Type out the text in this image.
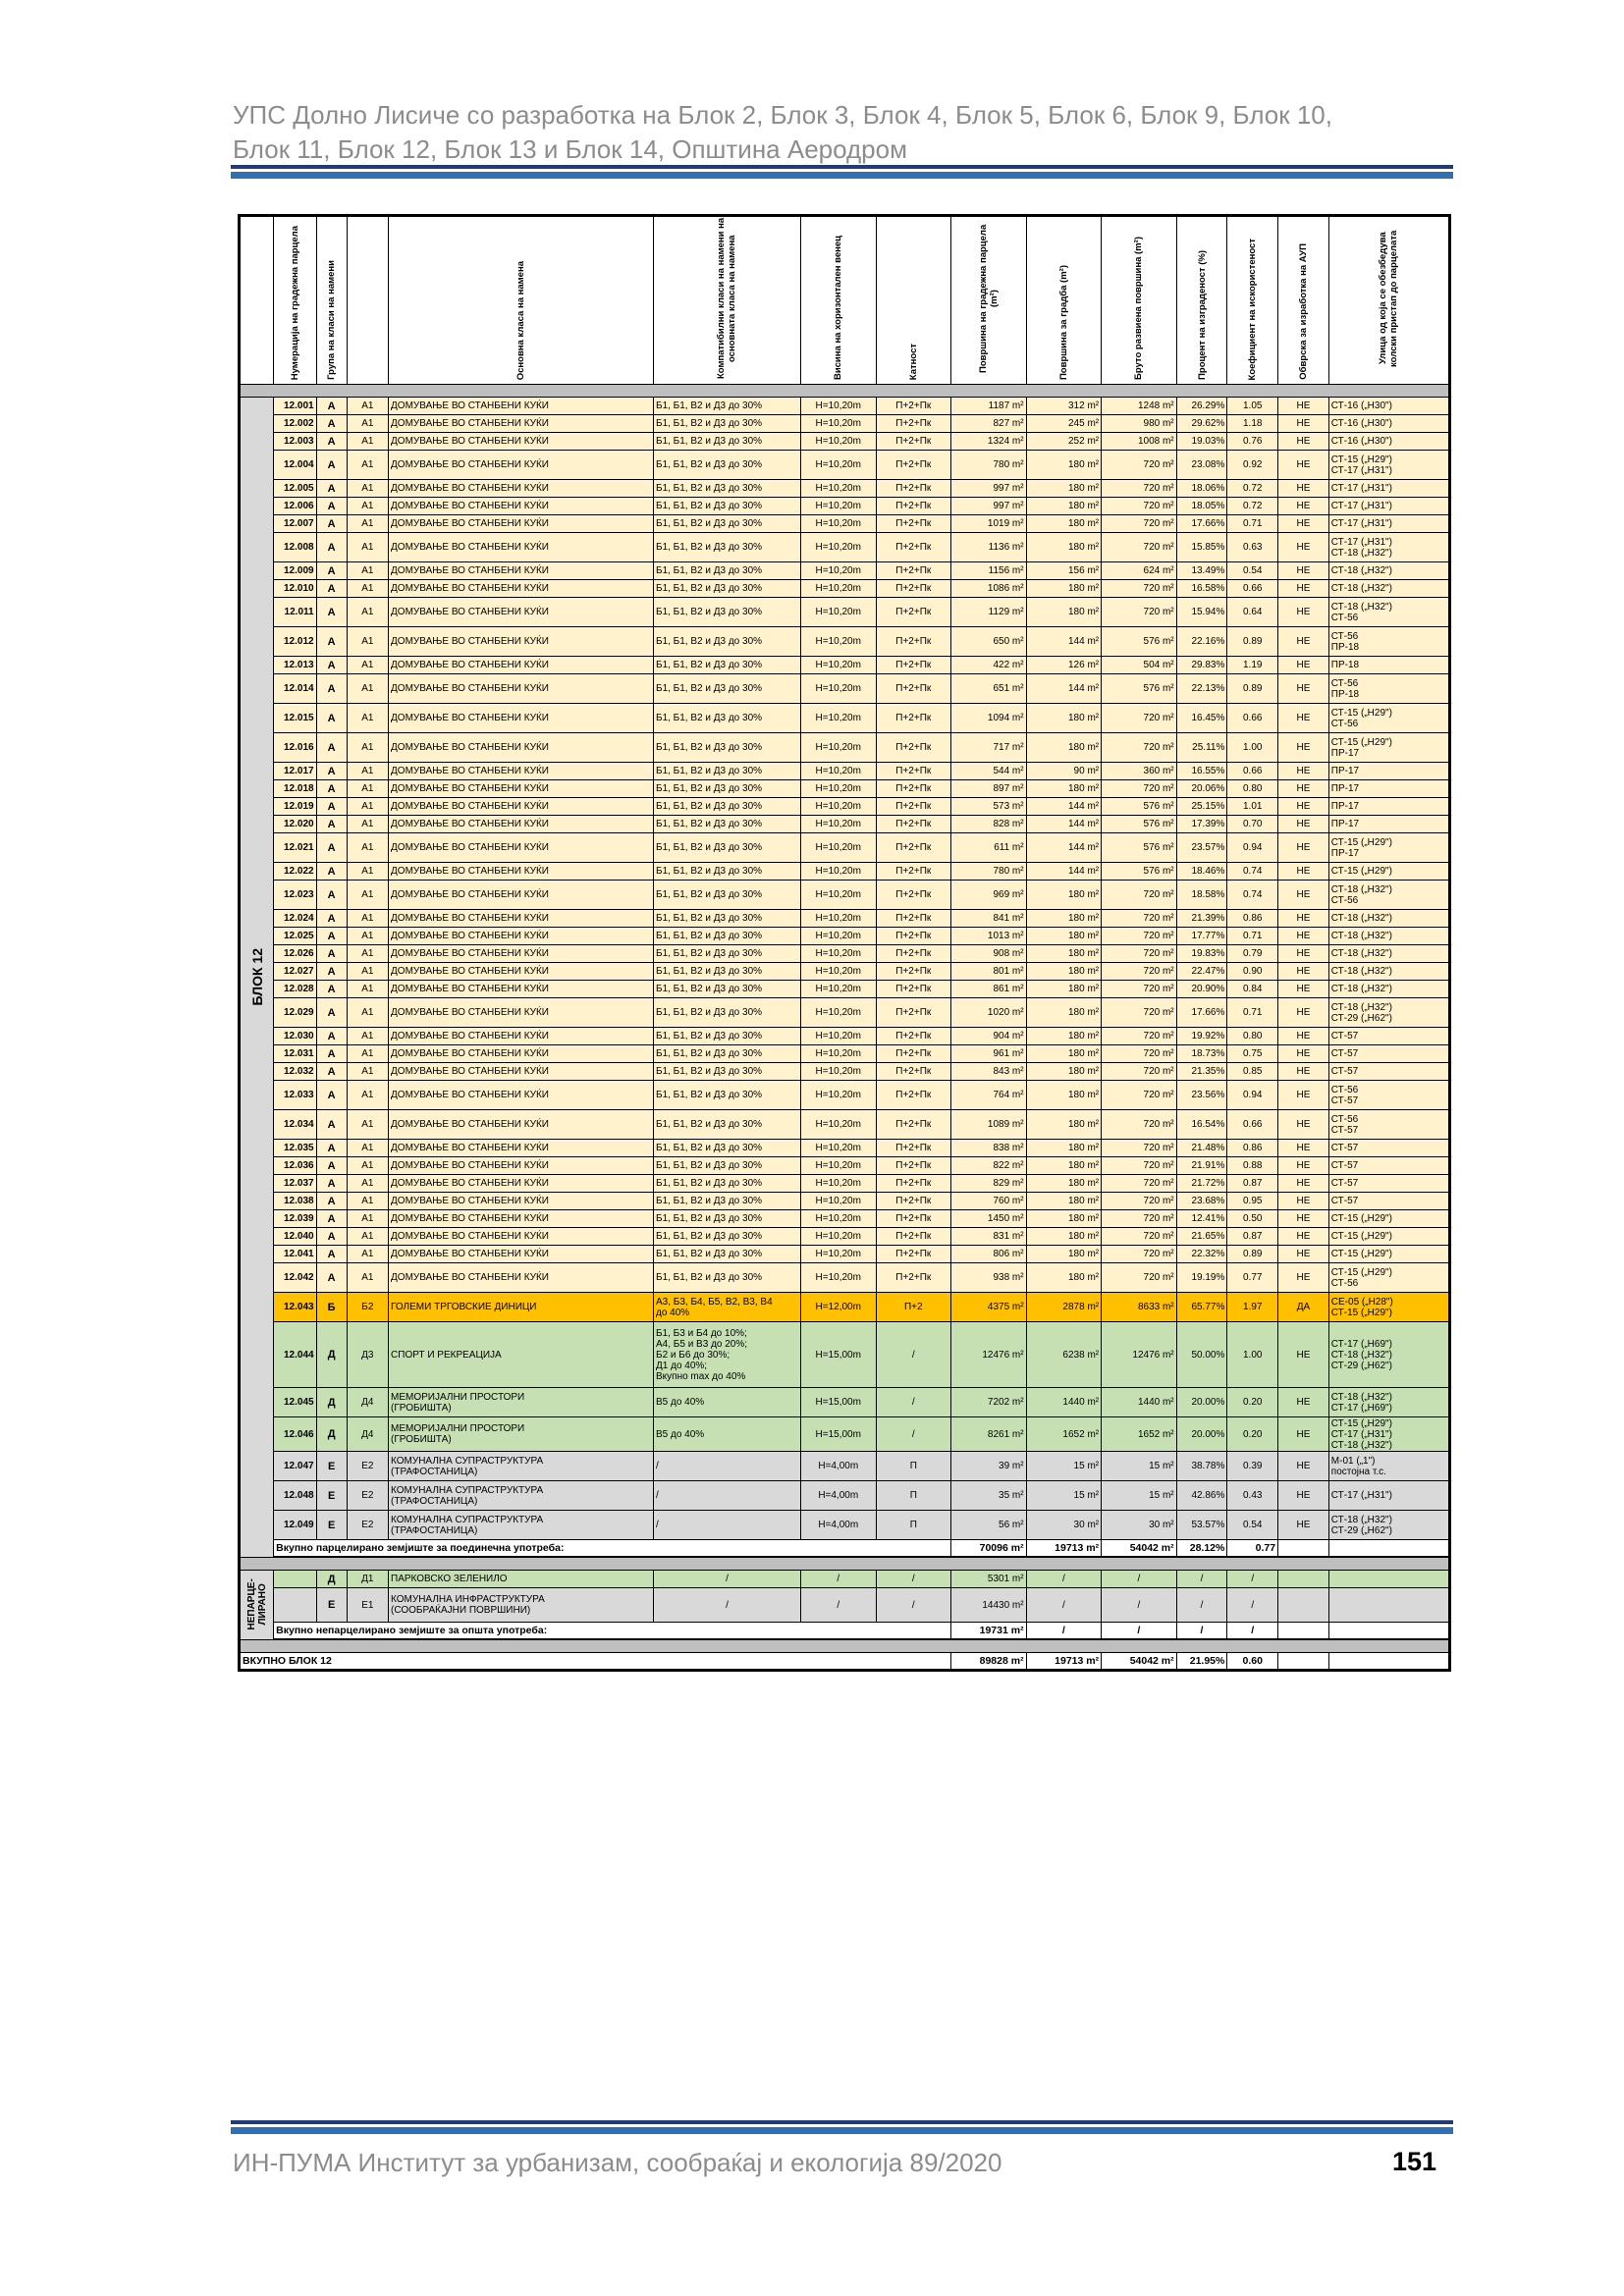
УПС Долно Лисиче со разработка на Блок 2, Блок 3, Блок 4, Блок 5, Блок 6, Блок 9, Блок 10,
Блок 11, Блок 12, Блок 13 и Блок 14, Општина Аеродром

	Нумерација на градежна парцела	Група на класи на намени		Основна класа на намена	Компатибилни класи на намени на основната класа на намена	Висина на хоризонтален венец	Катност	Површина на градежна парцела (m²)	Површина за градба (m²)	Бруто развиена површина (m²)	Процент на изграденост (%)	Коефициент на искористеност	Обврска за изработка на АУП	Улица од која се обезбедува колски пристап до парцелата

БЛОК 12	12.001	А	А1	ДОМУВАЊЕ ВО СТАНБЕНИ КУЌИ	Б1, Б1, В2 и Д3 до 30%	Н=10,20m	П+2+Пк	1187 m²	312 m²	1248 m²	26.29%	1.05	НЕ	СТ-16 („Н30")
	12.002	А	А1	ДОМУВАЊЕ ВО СТАНБЕНИ КУЌИ	Б1, Б1, В2 и Д3 до 30%	Н=10,20m	П+2+Пк	827 m²	245 m²	980 m²	29.62%	1.18	НЕ	СТ-16 („Н30")
	12.003	А	А1	ДОМУВАЊЕ ВО СТАНБЕНИ КУЌИ	Б1, Б1, В2 и Д3 до 30%	Н=10,20m	П+2+Пк	1324 m²	252 m²	1008 m²	19.03%	0.76	НЕ	СТ-16 („Н30")
	12.004	А	А1	ДОМУВАЊЕ ВО СТАНБЕНИ КУЌИ	Б1, Б1, В2 и Д3 до 30%	Н=10,20m	П+2+Пк	780 m²	180 m²	720 m²	23.08%	0.92	НЕ	СТ-15 („Н29")
СТ-17 („Н31")
	12.005	А	А1	ДОМУВАЊЕ ВО СТАНБЕНИ КУЌИ	Б1, Б1, В2 и Д3 до 30%	Н=10,20m	П+2+Пк	997 m²	180 m²	720 m²	18.06%	0.72	НЕ	СТ-17 („Н31")
	12.006	А	А1	ДОМУВАЊЕ ВО СТАНБЕНИ КУЌИ	Б1, Б1, В2 и Д3 до 30%	Н=10,20m	П+2+Пк	997 m²	180 m²	720 m²	18.05%	0.72	НЕ	СТ-17 („Н31")
	12.007	А	А1	ДОМУВАЊЕ ВО СТАНБЕНИ КУЌИ	Б1, Б1, В2 и Д3 до 30%	Н=10,20m	П+2+Пк	1019 m²	180 m²	720 m²	17.66%	0.71	НЕ	СТ-17 („Н31")
	12.008	А	А1	ДОМУВАЊЕ ВО СТАНБЕНИ КУЌИ	Б1, Б1, В2 и Д3 до 30%	Н=10,20m	П+2+Пк	1136 m²	180 m²	720 m²	15.85%	0.63	НЕ	СТ-17 („Н31")
СТ-18 („Н32")
	12.009	А	А1	ДОМУВАЊЕ ВО СТАНБЕНИ КУЌИ	Б1, Б1, В2 и Д3 до 30%	Н=10,20m	П+2+Пк	1156 m²	156 m²	624 m²	13.49%	0.54	НЕ	СТ-18 („Н32")
	12.010	А	А1	ДОМУВАЊЕ ВО СТАНБЕНИ КУЌИ	Б1, Б1, В2 и Д3 до 30%	Н=10,20m	П+2+Пк	1086 m²	180 m²	720 m²	16.58%	0.66	НЕ	СТ-18 („Н32")
	12.011	А	А1	ДОМУВАЊЕ ВО СТАНБЕНИ КУЌИ	Б1, Б1, В2 и Д3 до 30%	Н=10,20m	П+2+Пк	1129 m²	180 m²	720 m²	15.94%	0.64	НЕ	СТ-18 („Н32")
СТ-56
	12.012	А	А1	ДОМУВАЊЕ ВО СТАНБЕНИ КУЌИ	Б1, Б1, В2 и Д3 до 30%	Н=10,20m	П+2+Пк	650 m²	144 m²	576 m²	22.16%	0.89	НЕ	СТ-56
ПР-18
	12.013	А	А1	ДОМУВАЊЕ ВО СТАНБЕНИ КУЌИ	Б1, Б1, В2 и Д3 до 30%	Н=10,20m	П+2+Пк	422 m²	126 m²	504 m²	29.83%	1.19	НЕ	ПР-18
	12.014	А	А1	ДОМУВАЊЕ ВО СТАНБЕНИ КУЌИ	Б1, Б1, В2 и Д3 до 30%	Н=10,20m	П+2+Пк	651 m²	144 m²	576 m²	22.13%	0.89	НЕ	СТ-56
ПР-18
	12.015	А	А1	ДОМУВАЊЕ ВО СТАНБЕНИ КУЌИ	Б1, Б1, В2 и Д3 до 30%	Н=10,20m	П+2+Пк	1094 m²	180 m²	720 m²	16.45%	0.66	НЕ	СТ-15 („Н29")
СТ-56
	12.016	А	А1	ДОМУВАЊЕ ВО СТАНБЕНИ КУЌИ	Б1, Б1, В2 и Д3 до 30%	Н=10,20m	П+2+Пк	717 m²	180 m²	720 m²	25.11%	1.00	НЕ	СТ-15 („Н29")
ПР-17
	12.017	А	А1	ДОМУВАЊЕ ВО СТАНБЕНИ КУЌИ	Б1, Б1, В2 и Д3 до 30%	Н=10,20m	П+2+Пк	544 m²	90 m²	360 m²	16.55%	0.66	НЕ	ПР-17
	12.018	А	А1	ДОМУВАЊЕ ВО СТАНБЕНИ КУЌИ	Б1, Б1, В2 и Д3 до 30%	Н=10,20m	П+2+Пк	897 m²	180 m²	720 m²	20.06%	0.80	НЕ	ПР-17
	12.019	А	А1	ДОМУВАЊЕ ВО СТАНБЕНИ КУЌИ	Б1, Б1, В2 и Д3 до 30%	Н=10,20m	П+2+Пк	573 m²	144 m²	576 m²	25.15%	1.01	НЕ	ПР-17
	12.020	А	А1	ДОМУВАЊЕ ВО СТАНБЕНИ КУЌИ	Б1, Б1, В2 и Д3 до 30%	Н=10,20m	П+2+Пк	828 m²	144 m²	576 m²	17.39%	0.70	НЕ	ПР-17
	12.021	А	А1	ДОМУВАЊЕ ВО СТАНБЕНИ КУЌИ	Б1, Б1, В2 и Д3 до 30%	Н=10,20m	П+2+Пк	611 m²	144 m²	576 m²	23.57%	0.94	НЕ	СТ-15 („Н29")
ПР-17
	12.022	А	А1	ДОМУВАЊЕ ВО СТАНБЕНИ КУЌИ	Б1, Б1, В2 и Д3 до 30%	Н=10,20m	П+2+Пк	780 m²	144 m²	576 m²	18.46%	0.74	НЕ	СТ-15 („Н29")
	12.023	А	А1	ДОМУВАЊЕ ВО СТАНБЕНИ КУЌИ	Б1, Б1, В2 и Д3 до 30%	Н=10,20m	П+2+Пк	969 m²	180 m²	720 m²	18.58%	0.74	НЕ	СТ-18 („Н32")
СТ-56
	12.024	А	А1	ДОМУВАЊЕ ВО СТАНБЕНИ КУЌИ	Б1, Б1, В2 и Д3 до 30%	Н=10,20m	П+2+Пк	841 m²	180 m²	720 m²	21.39%	0.86	НЕ	СТ-18 („Н32")
	12.025	А	А1	ДОМУВАЊЕ ВО СТАНБЕНИ КУЌИ	Б1, Б1, В2 и Д3 до 30%	Н=10,20m	П+2+Пк	1013 m²	180 m²	720 m²	17.77%	0.71	НЕ	СТ-18 („Н32")
	12.026	А	А1	ДОМУВАЊЕ ВО СТАНБЕНИ КУЌИ	Б1, Б1, В2 и Д3 до 30%	Н=10,20m	П+2+Пк	908 m²	180 m²	720 m²	19.83%	0.79	НЕ	СТ-18 („Н32")
	12.027	А	А1	ДОМУВАЊЕ ВО СТАНБЕНИ КУЌИ	Б1, Б1, В2 и Д3 до 30%	Н=10,20m	П+2+Пк	801 m²	180 m²	720 m²	22.47%	0.90	НЕ	СТ-18 („Н32")
	12.028	А	А1	ДОМУВАЊЕ ВО СТАНБЕНИ КУЌИ	Б1, Б1, В2 и Д3 до 30%	Н=10,20m	П+2+Пк	861 m²	180 m²	720 m²	20.90%	0.84	НЕ	СТ-18 („Н32")
	12.029	А	А1	ДОМУВАЊЕ ВО СТАНБЕНИ КУЌИ	Б1, Б1, В2 и Д3 до 30%	Н=10,20m	П+2+Пк	1020 m²	180 m²	720 m²	17.66%	0.71	НЕ	СТ-18 („Н32")
СТ-29 („Н62")
	12.030	А	А1	ДОМУВАЊЕ ВО СТАНБЕНИ КУЌИ	Б1, Б1, В2 и Д3 до 30%	Н=10,20m	П+2+Пк	904 m²	180 m²	720 m²	19.92%	0.80	НЕ	СТ-57
	12.031	А	А1	ДОМУВАЊЕ ВО СТАНБЕНИ КУЌИ	Б1, Б1, В2 и Д3 до 30%	Н=10,20m	П+2+Пк	961 m²	180 m²	720 m²	18.73%	0.75	НЕ	СТ-57
	12.032	А	А1	ДОМУВАЊЕ ВО СТАНБЕНИ КУЌИ	Б1, Б1, В2 и Д3 до 30%	Н=10,20m	П+2+Пк	843 m²	180 m²	720 m²	21.35%	0.85	НЕ	СТ-57
	12.033	А	А1	ДОМУВАЊЕ ВО СТАНБЕНИ КУЌИ	Б1, Б1, В2 и Д3 до 30%	Н=10,20m	П+2+Пк	764 m²	180 m²	720 m²	23.56%	0.94	НЕ	СТ-56
СТ-57
	12.034	А	А1	ДОМУВАЊЕ ВО СТАНБЕНИ КУЌИ	Б1, Б1, В2 и Д3 до 30%	Н=10,20m	П+2+Пк	1089 m²	180 m²	720 m²	16.54%	0.66	НЕ	СТ-56
СТ-57
	12.035	А	А1	ДОМУВАЊЕ ВО СТАНБЕНИ КУЌИ	Б1, Б1, В2 и Д3 до 30%	Н=10,20m	П+2+Пк	838 m²	180 m²	720 m²	21.48%	0.86	НЕ	СТ-57
	12.036	А	А1	ДОМУВАЊЕ ВО СТАНБЕНИ КУЌИ	Б1, Б1, В2 и Д3 до 30%	Н=10,20m	П+2+Пк	822 m²	180 m²	720 m²	21.91%	0.88	НЕ	СТ-57
	12.037	А	А1	ДОМУВАЊЕ ВО СТАНБЕНИ КУЌИ	Б1, Б1, В2 и Д3 до 30%	Н=10,20m	П+2+Пк	829 m²	180 m²	720 m²	21.72%	0.87	НЕ	СТ-57
	12.038	А	А1	ДОМУВАЊЕ ВО СТАНБЕНИ КУЌИ	Б1, Б1, В2 и Д3 до 30%	Н=10,20m	П+2+Пк	760 m²	180 m²	720 m²	23.68%	0.95	НЕ	СТ-57
	12.039	А	А1	ДОМУВАЊЕ ВО СТАНБЕНИ КУЌИ	Б1, Б1, В2 и Д3 до 30%	Н=10,20m	П+2+Пк	1450 m²	180 m²	720 m²	12.41%	0.50	НЕ	СТ-15 („Н29")
	12.040	А	А1	ДОМУВАЊЕ ВО СТАНБЕНИ КУЌИ	Б1, Б1, В2 и Д3 до 30%	Н=10,20m	П+2+Пк	831 m²	180 m²	720 m²	21.65%	0.87	НЕ	СТ-15 („Н29")
	12.041	А	А1	ДОМУВАЊЕ ВО СТАНБЕНИ КУЌИ	Б1, Б1, В2 и Д3 до 30%	Н=10,20m	П+2+Пк	806 m²	180 m²	720 m²	22.32%	0.89	НЕ	СТ-15 („Н29")
	12.042	А	А1	ДОМУВАЊЕ ВО СТАНБЕНИ КУЌИ	Б1, Б1, В2 и Д3 до 30%	Н=10,20m	П+2+Пк	938 m²	180 m²	720 m²	19.19%	0.77	НЕ	СТ-15 („Н29")
СТ-56
	12.043	Б	Б2	ГОЛЕМИ ТРГОВСКИЕ ДИНИЦИ	А3, Б3, Б4, Б5, В2, В3, В4
до 40%	Н=12,00m	П+2	4375 m²	2878 m²	8633 m²	65.77%	1.97	ДА	СЕ-05 („Н28")
СТ-15 („Н29")
	12.044	Д	Д3	СПОРТ И РЕКРЕАЦИЈА	Б1, Б3 и Б4 до 10%;
А4, Б5 и В3 до 20%;
Б2 и Б6 до 30%;
Д1 до 40%;
Вкупно max до 40%	Н=15,00m	/	12476 m²	6238 m²	12476 m²	50.00%	1.00	НЕ	СТ-17 („Н69")
СТ-18 („Н32")
СТ-29 („Н62")
	12.045	Д	Д4	МЕМОРИЈАЛНИ ПРОСТОРИ
(ГРОБИШТА)	В5 до 40%	Н=15,00m	/	7202 m²	1440 m²	1440 m²	20.00%	0.20	НЕ	СТ-18 („Н32")
СТ-17 („Н69")
	12.046	Д	Д4	МЕМОРИЈАЛНИ ПРОСТОРИ
(ГРОБИШТА)	В5 до 40%	Н=15,00m	/	8261 m²	1652 m²	1652 m²	20.00%	0.20	НЕ	СТ-15 („Н29")
СТ-17 („Н31")
СТ-18 („Н32")
	12.047	Е	Е2	КОМУНАЛНА СУПРАСТРУКТУРА
(ТРАФОСТАНИЦА)	/	Н=4,00m	П	39 m²	15 m²	15 m²	38.78%	0.39	НЕ	М-01 („1")
постојна т.с.
	12.048	Е	Е2	КОМУНАЛНА СУПРАСТРУКТУРА
(ТРАФОСТАНИЦА)	/	Н=4,00m	П	35 m²	15 m²	15 m²	42.86%	0.43	НЕ	СТ-17 („Н31")
	12.049	Е	Е2	КОМУНАЛНА СУПРАСТРУКТУРА
(ТРАФОСТАНИЦА)	/	Н=4,00m	П	56 m²	30 m²	30 m²	53.57%	0.54	НЕ	СТ-18 („Н32")
СТ-29 („Н62")
	Вкупно парцелирано земјиште за поединечна употреба:							70096 m²	19713 m²	54042 m²	28.12%	0.77		

НЕПАРЦЕ-ЛИРАНО		Д	Д1	ПАРКОВСКО ЗЕЛЕНИЛО	/	/	/	5301 m²	/	/	/	/		
		Е	Е1	КОМУНАЛНА ИНФРАСТРУКТУРА
(СООБРАЌАЈНИ ПОВРШИНИ)	/	/	/	14430 m²	/	/	/	/		
	Вкупно непарцелирано земјиште за општа употреба:							19731 m²	/	/	/	/		

ВКУПНО БЛОК 12								89828 m²	19713 m²	54042 m²	21.95%	0.60		
ИН-ПУМА Институт за урбанизам, сообраќај и екологија 89/2020	151
